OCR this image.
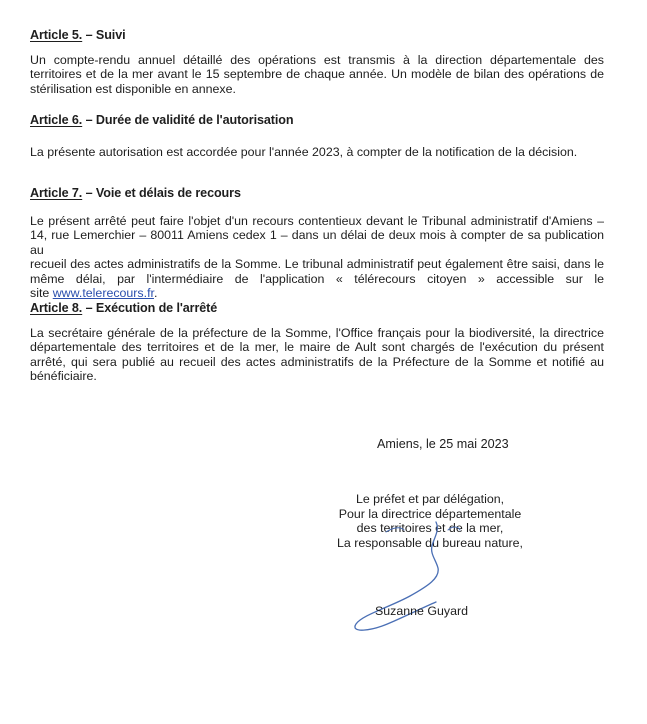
Article 5. – Suivi
Un compte-rendu annuel détaillé des opérations est transmis à la direction départementale des
territoires et de la mer avant le 15 septembre de chaque année. Un modèle de bilan des opérations de
stérilisation est disponible en annexe.
Article 6. – Durée de validité de l'autorisation
La présente autorisation est accordée pour l'année 2023, à compter de la notification de la décision.
Article 7. – Voie et délais de recours
Le présent arrêté peut faire l'objet d'un recours contentieux devant le Tribunal administratif d'Amiens –
14, rue Lemerchier – 80011 Amiens cedex 1 – dans un délai de deux mois à compter de sa publication au
recueil des actes administratifs de la Somme. Le tribunal administratif peut également être saisi, dans le
même délai, par l'intermédiaire de l'application « télérecours citoyen » accessible sur le
site www.telerecours.fr.
Article 8. – Exécution de l'arrêté
La secrétaire générale de la préfecture de la Somme, l'Office français pour la biodiversité, la directrice
départementale des territoires et de la mer, le maire de Ault sont chargés de l'exécution du présent
arrêté, qui sera publié au recueil des actes administratifs de la Préfecture de la Somme et notifié au
bénéficiaire.
Amiens, le 25 mai 2023
Le préfet et par délégation,
Pour la directrice départementale
des territoires et de la mer,
La responsable du bureau nature,
Suzanne Guyard
